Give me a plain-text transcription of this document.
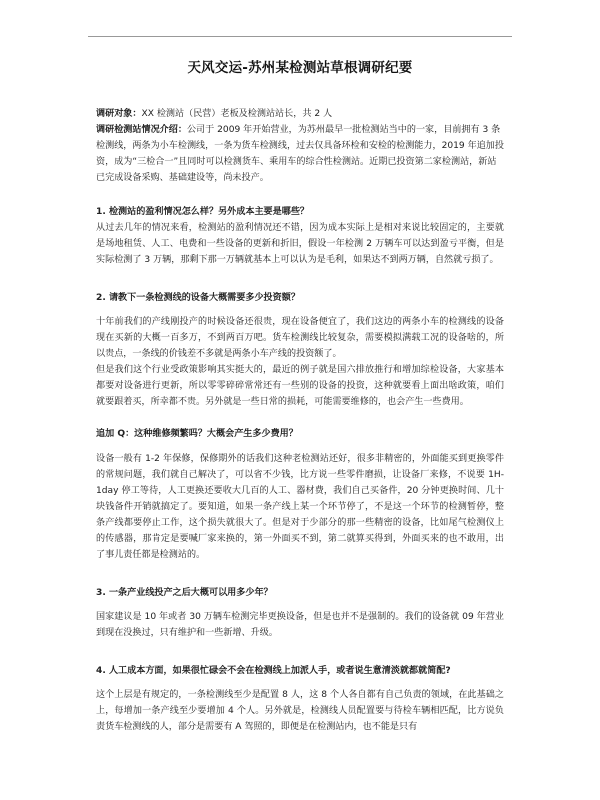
天风交运-苏州某检测站草根调研纪要

调研对象：XX 检测站（民营）老板及检测站站长，共 2 人

调研检测站情况介绍：公司于 2009 年开始营业，为苏州最早一批检测站当中的一家，目前拥有 3 条检测线，两条为小车检测线，一条为货车检测线，过去仅具备环检和安检的检测能力，2019 年追加投资，成为“三检合一”且同时可以检测货车、乘用车的综合性检测站。近期已投资第二家检测站，新站已完成设备采购、基础建设等，尚未投产。

1. 检测站的盈利情况怎么样？另外成本主要是哪些？

从过去几年的情况来看，检测站的盈利情况还不错，因为成本实际上是相对来说比较固定的，主要就是场地租赁、人工、电费和一些设备的更新和折旧，假设一年检测 2 万辆车可以达到盈亏平衡，但是实际检测了 3 万辆，那剩下那一万辆就基本上可以认为是毛利，如果达不到两万辆，自然就亏损了。

2. 请教下一条检测线的设备大概需要多少投资额？

十年前我们的产线刚投产的时候设备还很贵，现在设备便宜了，我们这边的两条小车的检测线的设备现在买新的大概一百多万，不到两百万吧。货车检测线比较复杂，需要模拟满载工况的设备啥的，所以贵点，一条线的价钱差不多就是两条小车产线的投资额了。

但是我们这个行业受政策影响其实挺大的，最近的例子就是国六排放推行和增加综检设备，大家基本都要对设备进行更新，所以零零碎碎常常还有一些别的设备的投资，这种就要看上面出啥政策，咱们就要跟着买，所幸都不贵。另外就是一些日常的损耗，可能需要维修的，也会产生一些费用。

追加 Q：这种维修频繁吗？大概会产生多少费用？

设备一般有 1-2 年保修，保修期外的话我们这种老检测站还好，很多非精密的，外面能买到更换零件的常规问题，我们就自己解决了，可以省不少钱，比方说一些零件磨损，让设备厂来修，不说要 1H-1day 停工等待，人工更换还要收大几百的人工、器材费，我们自己买备件，20 分钟更换时间、几十块钱备件开销就搞定了。要知道，如果一条产线上某一个环节停了，不是这一个环节的检测暂停，整条产线都要停止工作，这个损失就很大了。但是对于少部分的那一些精密的设备，比如尾气检测仪上的传感器，那肯定是要喊厂家来换的，第一外面买不到，第二就算买得到，外面买来的也不敢用，出了事儿责任都是检测站的。

3. 一条产业线投产之后大概可以用多少年？

国家建议是 10 年或者 30 万辆车检测完毕更换设备，但是也并不是强制的。我们的设备就 09 年营业到现在没换过，只有维护和一些新增、升级。

4. 人工成本方面，如果很忙碌会不会在检测线上加派人手，或者说生意清淡就都就简配?

这个上层是有规定的，一条检测线至少是配置 8 人，这 8 个人各自都有自己负责的领域，在此基础之上，每增加一条产线至少要增加 4 个人。另外就是，检测线人员配置要与待检车辆相匹配，比方说负责货车检测线的人，部分是需要有 A 驾照的，即便是在检测站内，也不能是只有
